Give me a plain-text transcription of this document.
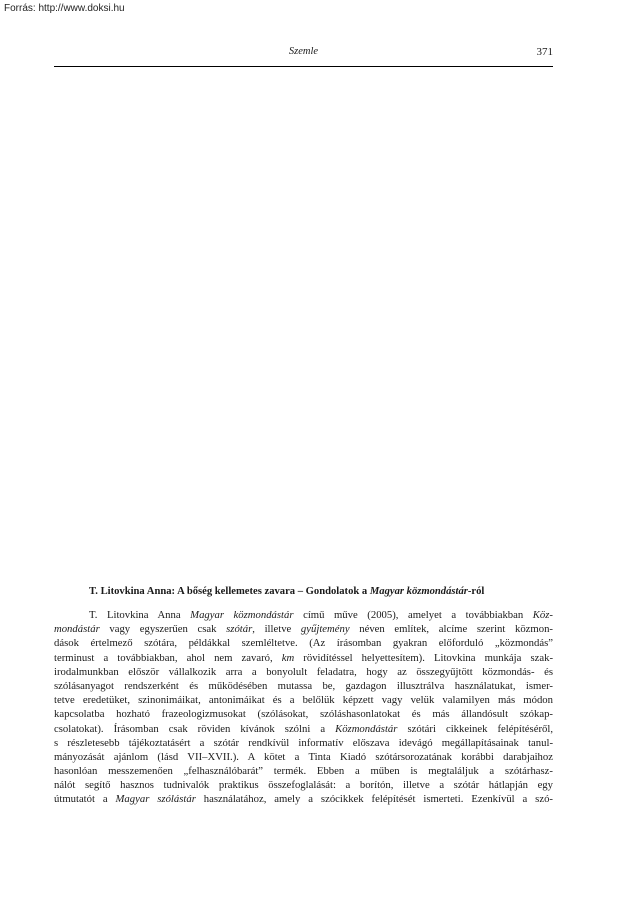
Forrás: http://www.doksi.hu
Szemle	371
T. Litovkina Anna: A bőség kellemetes zavara – Gondolatok a Magyar közmondástár-ról
T. Litovkina Anna Magyar közmondástár című műve (2005), amelyet a továbbiakban Köz-
mondástár vagy egyszerűen csak szótár, illetve gyűjtemény néven említek, alcíme szerint közmon-
dások értelmező szótára, példákkal szemléltetve. (Az írásomban gyakran előforduló „közmondás”
terminust a továbbiakban, ahol nem zavaró, km rövidítéssel helyettesítem). Litovkina munkája szak-
irodalmunkban először vállalkozik arra a bonyolult feladatra, hogy az összegyűjtött közmondás- és
szólásanyagot rendszerként és működésében mutassa be, gazdagon illusztrálva használatukat, ismer-
tetve eredetüket, szinonimáikat, antonimáikat és a belőlük képzett vagy velük valamilyen más módon
kapcsolatba hozható frazeologizmusokat (szólásokat, szóláshasonlatokat és más állandósult szókap-
csolatokat). Írásomban csak röviden kívánok szólni a Közmondástár szótári cikkeinek felépítéséről,
s részletesebb tájékoztatásért a szótár rendkívül informatív előszava idevágó megállapításainak tanul-
mányozását ajánlom (lásd VII–XVII.). A kötet a Tinta Kiadó szótársorozatának korábbi darabjaihoz
hasonlóan messzemenően „felhasználóbarát” termék. Ebben a műben is megtaláljuk a szótárhasz-
nálót segítő hasznos tudnivalók praktikus összefoglalását: a borítón, illetve a szótár hátlapján egy
útmutatót a Magyar szólástár használatához, amely a szócikkek felépítését ismerteti. Ezenkívül a szó-
